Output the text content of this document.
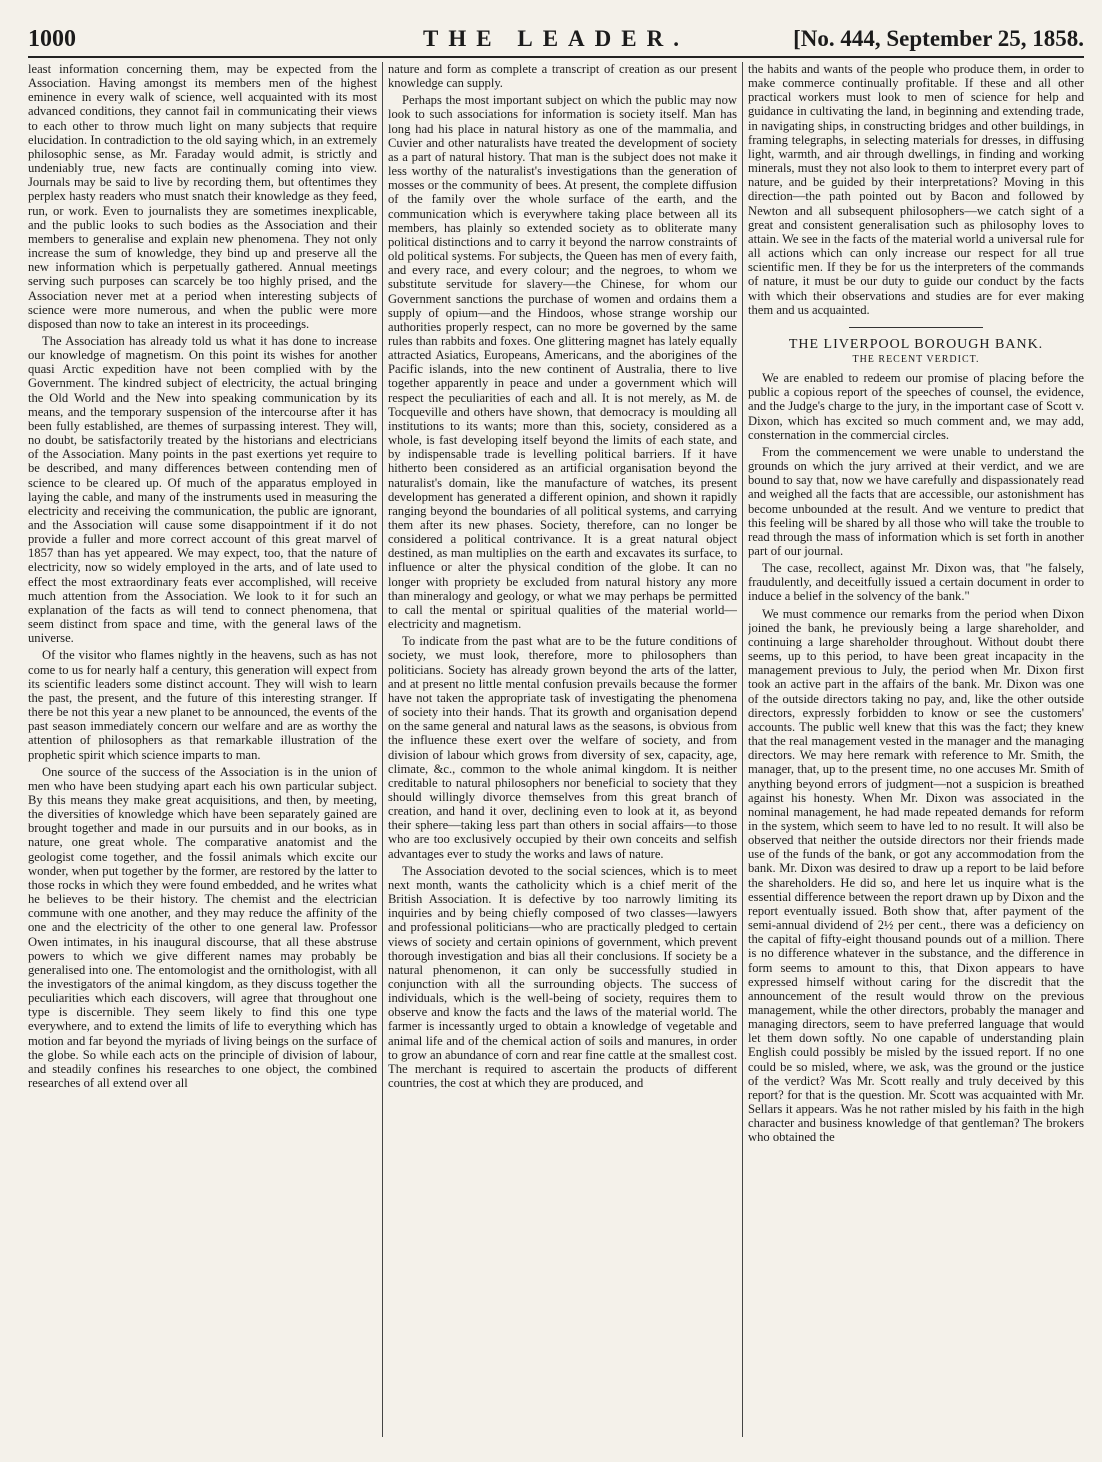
1000	THE LEADER.	[No. 444, September 25, 1858.

least information concerning them, may be expected from the Association. Having amongst its members men of the highest eminence in every walk of science, well acquainted with its most advanced conditions, they cannot fail in communicating their views to each other to throw much light on many subjects that require elucidation. In contradiction to the old saying which, in an extremely philosophic sense, as Mr. Faraday would admit, is strictly and undeniably true, new facts are continually coming into view. Journals may be said to live by recording them, but oftentimes they perplex hasty readers who must snatch their knowledge as they feed, run, or work. Even to journalists they are sometimes inexplicable, and the public looks to such bodies as the Association and their members to generalise and explain new phenomena. They not only increase the sum of knowledge, they bind up and preserve all the new information which is perpetually gathered. Annual meetings serving such purposes can scarcely be too highly prised, and the Association never met at a period when interesting subjects of science were more numerous, and when the public were more disposed than now to take an interest in its proceedings.

The Association has already told us what it has done to increase our knowledge of magnetism. On this point its wishes for another quasi Arctic expedition have not been complied with by the Government. The kindred subject of electricity, the actual bringing the Old World and the New into speaking communication by its means, and the temporary suspension of the intercourse after it has been fully established, are themes of surpassing interest. They will, no doubt, be satisfactorily treated by the historians and electricians of the Association. Many points in the past exertions yet require to be described, and many differences between contending men of science to be cleared up. Of much of the apparatus employed in laying the cable, and many of the instruments used in measuring the electricity and receiving the communication, the public are ignorant, and the Association will cause some disappointment if it do not provide a fuller and more correct account of this great marvel of 1857 than has yet appeared. We may expect, too, that the nature of electricity, now so widely employed in the arts, and of late used to effect the most extraordinary feats ever accomplished, will receive much attention from the Association. We look to it for such an explanation of the facts as will tend to connect phenomena, that seem distinct from space and time, with the general laws of the universe.

Of the visitor who flames nightly in the heavens, such as has not come to us for nearly half a century, this generation will expect from its scientific leaders some distinct account. They will wish to learn the past, the present, and the future of this interesting stranger. If there be not this year a new planet to be announced, the events of the past season immediately concern our welfare and are as worthy the attention of philosophers as that remarkable illustration of the prophetic spirit which science imparts to man.

One source of the success of the Association is in the union of men who have been studying apart each his own particular subject. By this means they make great acquisitions, and then, by meeting, the diversities of knowledge which have been separately gained are brought together and made in our pursuits and in our books, as in nature, one great whole. The comparative anatomist and the geologist come together, and the fossil animals which excite our wonder, when put together by the former, are restored by the latter to those rocks in which they were found embedded, and he writes what he believes to be their history. The chemist and the electrician commune with one another, and they may reduce the affinity of the one and the electricity of the other to one general law. Professor Owen intimates, in his inaugural discourse, that all these abstruse powers to which we give different names may probably be generalised into one. The entomologist and the ornithologist, with all the investigators of the animal kingdom, as they discuss together the peculiarities which each discovers, will agree that throughout one type is discernible. They seem likely to find this one type everywhere, and to extend the limits of life to everything which has motion and far beyond the myriads of living beings on the surface of the globe. So while each acts on the principle of division of labour, and steadily confines his researches to one object, the combined researches of all extend over all

nature and form as complete a transcript of creation as our present knowledge can supply.

Perhaps the most important subject on which the public may now look to such associations for information is society itself. Man has long had his place in natural history as one of the mammalia, and Cuvier and other naturalists have treated the development of society as a part of natural history. That man is the subject does not make it less worthy of the naturalist's investigations than the generation of mosses or the community of bees. At present, the complete diffusion of the family over the whole surface of the earth, and the communication which is everywhere taking place between all its members, has plainly so extended society as to obliterate many political distinctions and to carry it beyond the narrow constraints of old political systems. For subjects, the Queen has men of every faith, and every race, and every colour; and the negroes, to whom we substitute servitude for slavery—the Chinese, for whom our Government sanctions the purchase of women and ordains them a supply of opium—and the Hindoos, whose strange worship our authorities properly respect, can no more be governed by the same rules than rabbits and foxes. One glittering magnet has lately equally attracted Asiatics, Europeans, Americans, and the aborigines of the Pacific islands, into the new continent of Australia, there to live together apparently in peace and under a government which will respect the peculiarities of each and all. It is not merely, as M. de Tocqueville and others have shown, that democracy is moulding all institutions to its wants; more than this, society, considered as a whole, is fast developing itself beyond the limits of each state, and by indispensable trade is levelling political barriers. If it have hitherto been considered as an artificial organisation beyond the naturalist's domain, like the manufacture of watches, its present development has generated a different opinion, and shown it rapidly ranging beyond the boundaries of all political systems, and carrying them after its new phases. Society, therefore, can no longer be considered a political contrivance. It is a great natural object destined, as man multiplies on the earth and excavates its surface, to influence or alter the physical condition of the globe. It can no longer with propriety be excluded from natural history any more than mineralogy and geology, or what we may perhaps be permitted to call the mental or spiritual qualities of the material world—electricity and magnetism.

To indicate from the past what are to be the future conditions of society, we must look, therefore, more to philosophers than politicians. Society has already grown beyond the arts of the latter, and at present no little mental confusion prevails because the former have not taken the appropriate task of investigating the phenomena of society into their hands. That its growth and organisation depend on the same general and natural laws as the seasons, is obvious from the influence these exert over the welfare of society, and from division of labour which grows from diversity of sex, capacity, age, climate, &c., common to the whole animal kingdom. It is neither creditable to natural philosophers nor beneficial to society that they should willingly divorce themselves from this great branch of creation, and hand it over, declining even to look at it, as beyond their sphere—taking less part than others in social affairs—to those who are too exclusively occupied by their own conceits and selfish advantages ever to study the works and laws of nature.

The Association devoted to the social sciences, which is to meet next month, wants the catholicity which is a chief merit of the British Association. It is defective by too narrowly limiting its inquiries and by being chiefly composed of two classes—lawyers and professional politicians—who are practically pledged to certain views of society and certain opinions of government, which prevent thorough investigation and bias all their conclusions. If society be a natural phenomenon, it can only be successfully studied in conjunction with all the surrounding objects. The success of individuals, which is the well-being of society, requires them to observe and know the facts and the laws of the material world. The farmer is incessantly urged to obtain a knowledge of vegetable and animal life and of the chemical action of soils and manures, in order to grow an abundance of corn and rear fine cattle at the smallest cost. The merchant is required to ascertain the products of different countries, the cost at which they are produced, and

the habits and wants of the people who produce them, in order to make commerce continually profitable. If these and all other practical workers must look to men of science for help and guidance in cultivating the land, in beginning and extending trade, in navigating ships, in constructing bridges and other buildings, in framing telegraphs, in selecting materials for dresses, in diffusing light, warmth, and air through dwellings, in finding and working minerals, must they not also look to them to interpret every part of nature, and be guided by their interpretations? Moving in this direction—the path pointed out by Bacon and followed by Newton and all subsequent philosophers—we catch sight of a great and consistent generalisation such as philosophy loves to attain. We see in the facts of the material world a universal rule for all actions which can only increase our respect for all true scientific men. If they be for us the interpreters of the commands of nature, it must be our duty to guide our conduct by the facts with which their observations and studies are for ever making them and us acquainted.

THE LIVERPOOL BOROUGH BANK.
THE RECENT VERDICT.

We are enabled to redeem our promise of placing before the public a copious report of the speeches of counsel, the evidence, and the Judge's charge to the jury, in the important case of Scott v. Dixon, which has excited so much comment and, we may add, consternation in the commercial circles.

From the commencement we were unable to understand the grounds on which the jury arrived at their verdict, and we are bound to say that, now we have carefully and dispassionately read and weighed all the facts that are accessible, our astonishment has become unbounded at the result. And we venture to predict that this feeling will be shared by all those who will take the trouble to read through the mass of information which is set forth in another part of our journal.

The case, recollect, against Mr. Dixon was, that "he falsely, fraudulently, and deceitfully issued a certain document in order to induce a belief in the solvency of the bank."

We must commence our remarks from the period when Dixon joined the bank, he previously being a large shareholder, and continuing a large shareholder throughout. Without doubt there seems, up to this period, to have been great incapacity in the management previous to July, the period when Mr. Dixon first took an active part in the affairs of the bank. Mr. Dixon was one of the outside directors taking no pay, and, like the other outside directors, expressly forbidden to know or see the customers' accounts. The public well knew that this was the fact; they knew that the real management vested in the manager and the managing directors. We may here remark with reference to Mr. Smith, the manager, that, up to the present time, no one accuses Mr. Smith of anything beyond errors of judgment—not a suspicion is breathed against his honesty. When Mr. Dixon was associated in the nominal management, he had made repeated demands for reform in the system, which seem to have led to no result. It will also be observed that neither the outside directors nor their friends made use of the funds of the bank, or got any accommodation from the bank. Mr. Dixon was desired to draw up a report to be laid before the shareholders. He did so, and here let us inquire what is the essential difference between the report drawn up by Dixon and the report eventually issued. Both show that, after payment of the semi-annual dividend of 2½ per cent., there was a deficiency on the capital of fifty-eight thousand pounds out of a million. There is no difference whatever in the substance, and the difference in form seems to amount to this, that Dixon appears to have expressed himself without caring for the discredit that the announcement of the result would throw on the previous management, while the other directors, probably the manager and managing directors, seem to have preferred language that would let them down softly. No one capable of understanding plain English could possibly be misled by the issued report. If no one could be so misled, where, we ask, was the ground or the justice of the verdict? Was Mr. Scott really and truly deceived by this report? for that is the question. Mr. Scott was acquainted with Mr. Sellars it appears. Was he not rather misled by his faith in the high character and business knowledge of that gentleman? The brokers who obtained the
